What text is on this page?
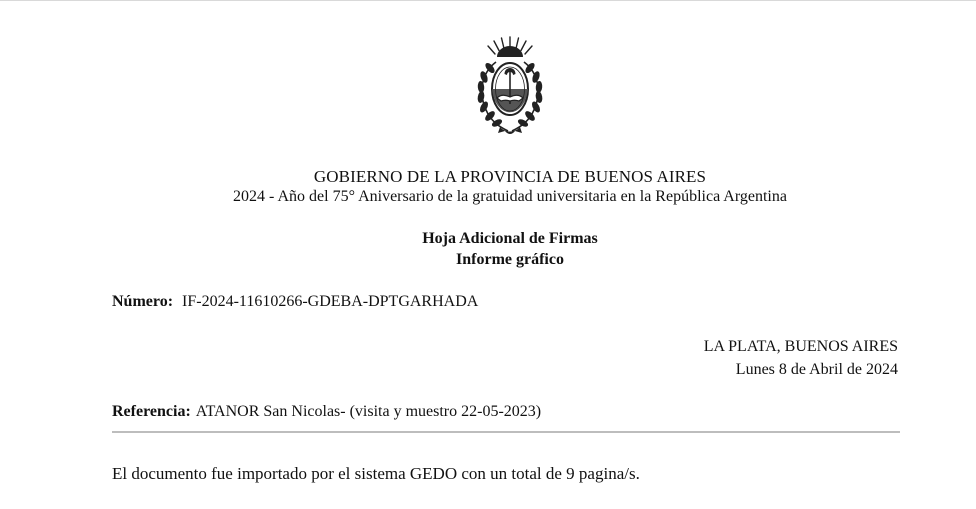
GOBIERNO DE LA PROVINCIA DE BUENOS AIRES
2024 - Año del 75° Aniversario de la gratuidad universitaria en la República Argentina
Hoja Adicional de Firmas
Informe gráfico
Número: IF-2024-11610266-GDEBA-DPTGARHADA
LA PLATA, BUENOS AIRES
Lunes 8 de Abril de 2024
Referencia: ATANOR San Nicolas- (visita y muestro 22-05-2023)
El documento fue importado por el sistema GEDO con un total de 9 pagina/s.
